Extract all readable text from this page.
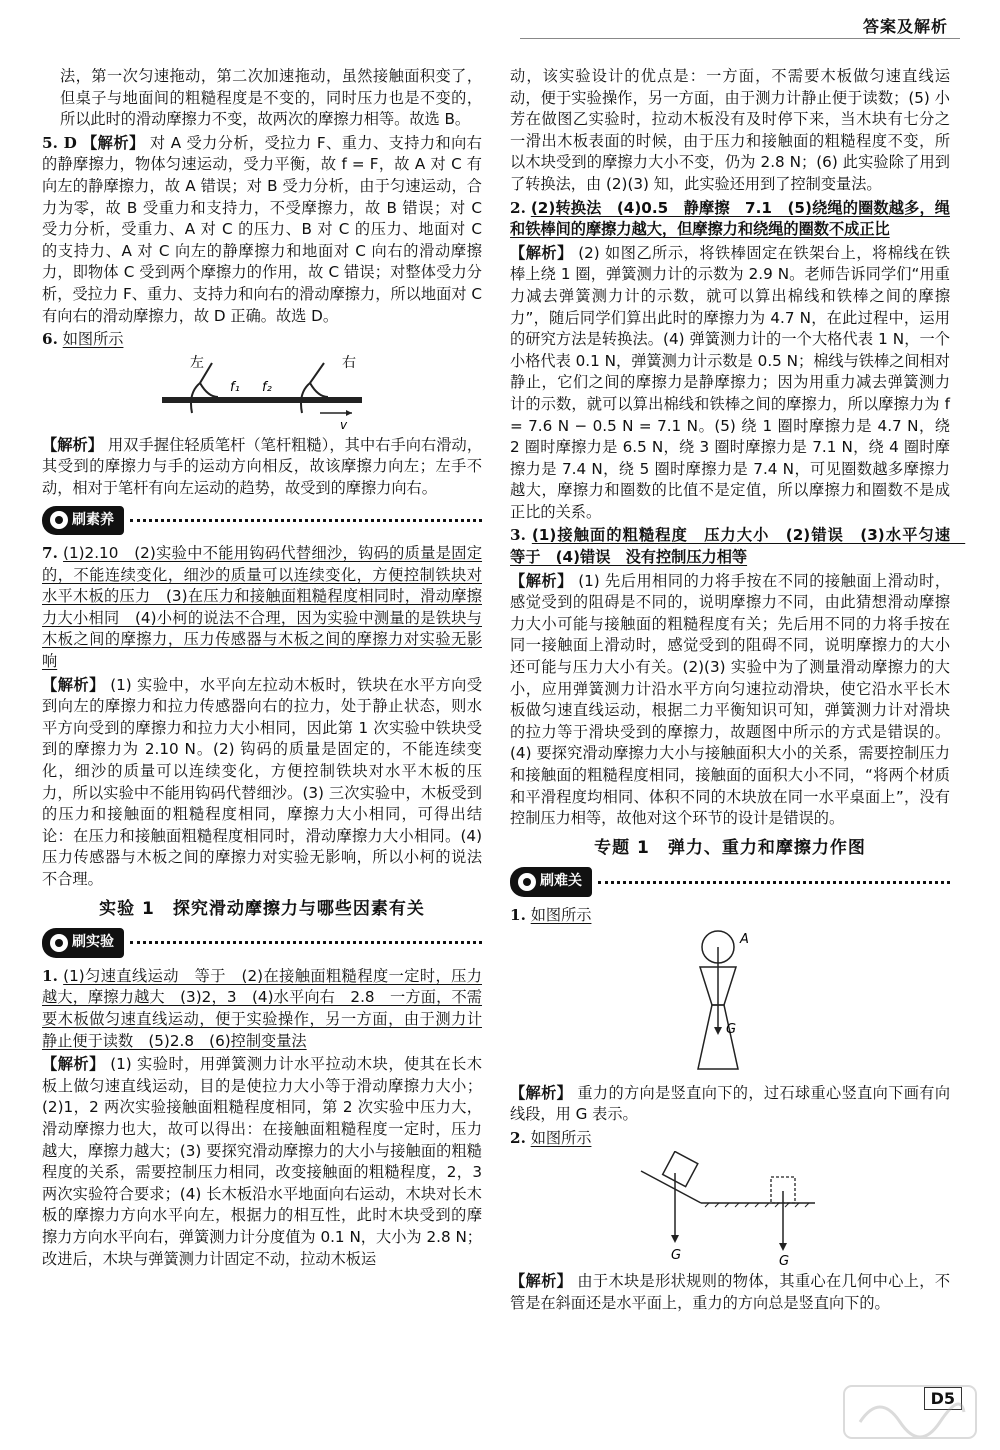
答案及解析

法，第一次匀速拖动，第二次加速拖动，虽然接触面积变了，但桌子与地面间的粗糙程度是不变的，同时压力也是不变的，所以此时的滑动摩擦力不变，故两次的摩擦力相等。故选 B。

5. D 【解析】 对 A 受力分析，受拉力 F、重力、支持力和向右的静摩擦力，物体匀速运动，受力平衡，故 f = F，故 A 对 C 有向左的静摩擦力，故 A 错误；对 B 受力分析，由于匀速运动，合力为零，故 B 受重力和支持力，不受摩擦力，故 B 错误；对 C 受力分析，受重力、A 对 C 的压力、B 对 C 的压力、地面对 C 的支持力、A 对 C 向左的静摩擦力和地面对 C 向右的滑动摩擦力，即物体 C 受到两个摩擦力的作用，故 C 错误；对整体受力分析，受拉力 F、重力、支持力和向右的滑动摩擦力，所以地面对 C 有向右的滑动摩擦力，故 D 正确。故选 D。

6. 如图所示

左	右
f₁ f₂
v

【解析】 用双手握住轻质笔杆（笔杆粗糙），其中右手向右滑动，其受到的摩擦力与手的运动方向相反，故该摩擦力向左；左手不动，相对于笔杆有向左运动的趋势，故受到的摩擦力向右。

刷素养

7. (1)2.10　(2)实验中不能用钩码代替细沙，钩码的质量是固定的，不能连续变化，细沙的质量可以连续变化，方便控制铁块对水平木板的压力　(3)在压力和接触面粗糙程度相同时，滑动摩擦力大小相同　(4)小柯的说法不合理，因为实验中测量的是铁块与木板之间的摩擦力，压力传感器与木板之间的摩擦力对实验无影响

【解析】 (1) 实验中，水平向左拉动木板时，铁块在水平方向受到向左的摩擦力和拉力传感器向右的拉力，处于静止状态，则水平方向受到的摩擦力和拉力大小相同，因此第 1 次实验中铁块受到的摩擦力为 2.10 N。(2) 钩码的质量是固定的，不能连续变化，细沙的质量可以连续变化，方便控制铁块对水平木板的压力，所以实验中不能用钩码代替细沙。(3) 三次实验中，木板受到的压力和接触面的粗糙程度相同，摩擦力大小相同，可得出结论：在压力和接触面粗糙程度相同时，滑动摩擦力大小相同。(4) 压力传感器与木板之间的摩擦力对实验无影响，所以小柯的说法不合理。

实验 1　探究滑动摩擦力与哪些因素有关
刷实验

1. (1)匀速直线运动　等于　(2)在接触面粗糙程度一定时，压力越大，摩擦力越大　(3)2，3　(4)水平向右　2.8　一方面，不需要木板做匀速直线运动，便于实验操作，另一方面，由于测力计静止便于读数　(5)2.8　(6)控制变量法

【解析】 (1) 实验时，用弹簧测力计水平拉动木块，使其在长木板上做匀速直线运动，目的是使拉力大小等于滑动摩擦力大小；(2)1，2 两次实验接触面粗糙程度相同，第 2 次实验中压力大，滑动摩擦力也大，故可以得出：在接触面粗糙程度一定时，压力越大，摩擦力越大；(3) 要探究滑动摩擦力的大小与接触面的粗糙程度的关系，需要控制压力相同，改变接触面的粗糙程度，2，3 两次实验符合要求；(4) 长木板沿水平地面向右运动，木块对长木板的摩擦力方向水平向左，根据力的相互性，此时木块受到的摩擦力方向水平向右，弹簧测力计分度值为 0.1 N，大小为 2.8 N；改进后，木块与弹簧测力计固定不动，拉动木板运

动，该实验设计的优点是：一方面，不需要木板做匀速直线运动，便于实验操作，另一方面，由于测力计静止便于读数；(5) 小芳在做图乙实验时，拉动木板没有及时停下来，当木块有七分之一滑出木板表面的时候，由于压力和接触面的粗糙程度不变，所以木块受到的摩擦力大小不变，仍为 2.8 N；(6) 此实验除了用到了转换法，由 (2)(3) 知，此实验还用到了控制变量法。

2. (2)转换法　(4)0.5　静摩擦　7.1　(5)绕绳的圈数越多，绳和铁棒间的摩擦力越大，但摩擦力和绕绳的圈数不成正比

【解析】 (2) 如图乙所示，将铁棒固定在铁架台上，将棉线在铁棒上绕 1 圈，弹簧测力计的示数为 2.9 N。老师告诉同学们“用重力减去弹簧测力计的示数，就可以算出棉线和铁棒之间的摩擦力”，随后同学们算出此时的摩擦力为 4.7 N，在此过程中，运用的研究方法是转换法。(4) 弹簧测力计的一个大格代表 1 N，一个小格代表 0.1 N，弹簧测力计示数是 0.5 N；棉线与铁棒之间相对静止，它们之间的摩擦力是静摩擦力；因为用重力减去弹簧测力计的示数，就可以算出棉线和铁棒之间的摩擦力，所以摩擦力为 f = 7.6 N − 0.5 N = 7.1 N。(5) 绕 1 圈时摩擦力是 4.7 N，绕 2 圈时摩擦力是 6.5 N，绕 3 圈时摩擦力是 7.1 N，绕 4 圈时摩擦力是 7.4 N，绕 5 圈时摩擦力是 7.4 N，可见圈数越多摩擦力越大，摩擦力和圈数的比值不是定值，所以摩擦力和圈数不是成正比的关系。

3. (1)接触面的粗糙程度　压力大小　(2)错误　(3)水平匀速　等于　(4)错误　没有控制压力相等

【解析】 (1) 先后用相同的力将手按在不同的接触面上滑动时，感觉受到的阻碍是不同的，说明摩擦力不同，由此猜想滑动摩擦力大小可能与接触面的粗糙程度有关；先后用不同的力将手按在同一接触面上滑动时，感觉受到的阻碍不同，说明摩擦力的大小还可能与压力大小有关。(2)(3) 实验中为了测量滑动摩擦力的大小，应用弹簧测力计沿水平方向匀速拉动滑块，使它沿水平长木板做匀速直线运动，根据二力平衡知识可知，弹簧测力计对滑块的拉力等于滑块受到的摩擦力，故题图中所示的方式是错误的。(4) 要探究滑动摩擦力大小与接触面积大小的关系，需要控制压力和接触面的粗糙程度相同，接触面的面积大小不同，“将两个材质和平滑程度均相同、体积不同的木块放在同一水平桌面上”，没有控制压力相等，故他对这个环节的设计是错误的。

专题 1　弹力、重力和摩擦力作图
刷难关

1. 如图所示

A
G

【解析】 重力的方向是竖直向下的，过石球重心竖直向下画有向线段，用 G 表示。

2. 如图所示

G	G

【解析】 由于木块是形状规则的物体，其重心在几何中心上，不管是在斜面还是水平面上，重力的方向总是竖直向下的。

D5
